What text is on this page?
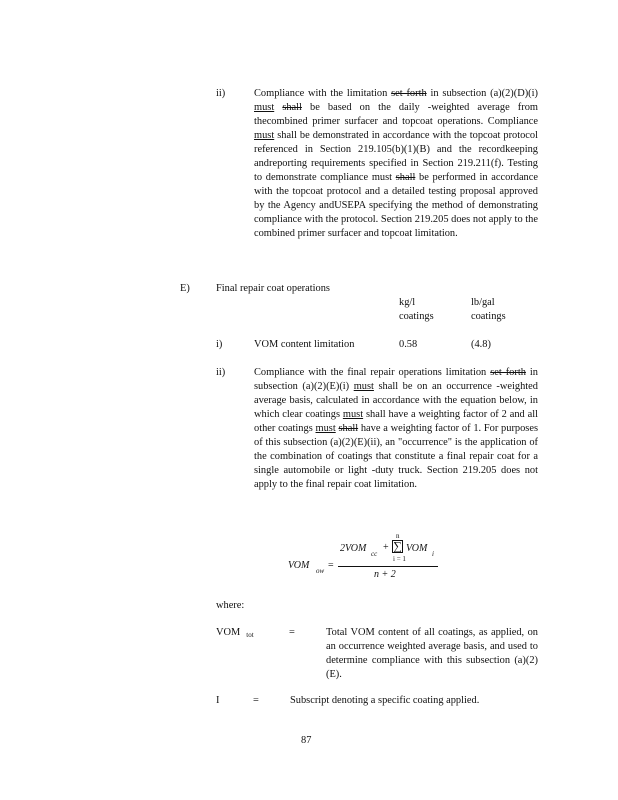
ii)	Compliance with the limitation set forth in subsection (a)(2)(D)(i) must shall be based on the daily -weighted average from thecombined primer surfacer and topcoat operations. Compliance must shall be demonstrated in accordance with the topcoat protocol referenced in Section 219.105(b)(1)(B) and the recordkeeping andreporting requirements specified in Section 219.211(f). Testing to demonstrate compliance must shall be performed in accordance with the topcoat protocol and a detailed testing proposal approved by the Agency andUSEPA specifying the method of demonstrating compliance with the protocol. Section 219.205 does not apply to the combined primer surfacer and topcoat limitation.
E)	Final repair coat operations
kg/l
coatings
lb/gal
coatings
i)	VOM content limitation	0.58	(4.8)
ii)	Compliance with the final repair operations limitation set forth in subsection (a)(2)(E)(i) must shall be on an occurrence -weighted average basis, calculated in accordance with the equation below, in which clear coatings must shall have a weighting factor of 2 and all other coatings must shall have a weighting factor of 1. For purposes of this subsection (a)(2)(E)(ii), an "occurrence" is the application of the combination of coatings that constitute a final repair coat for a single automobile or light -duty truck. Section 219.205 does not apply to the final repair coat limitation.
VOM ow =
2VOM cc
+
n
∑
i = 1
VOM i
n + 2
where:
VOM tot	=	Total VOM content of all coatings, as applied, on an occurrence weighted average basis, and used to determine compliance with this subsection (a)(2)(E).
I	=	Subscript denoting a specific coating applied.
87
